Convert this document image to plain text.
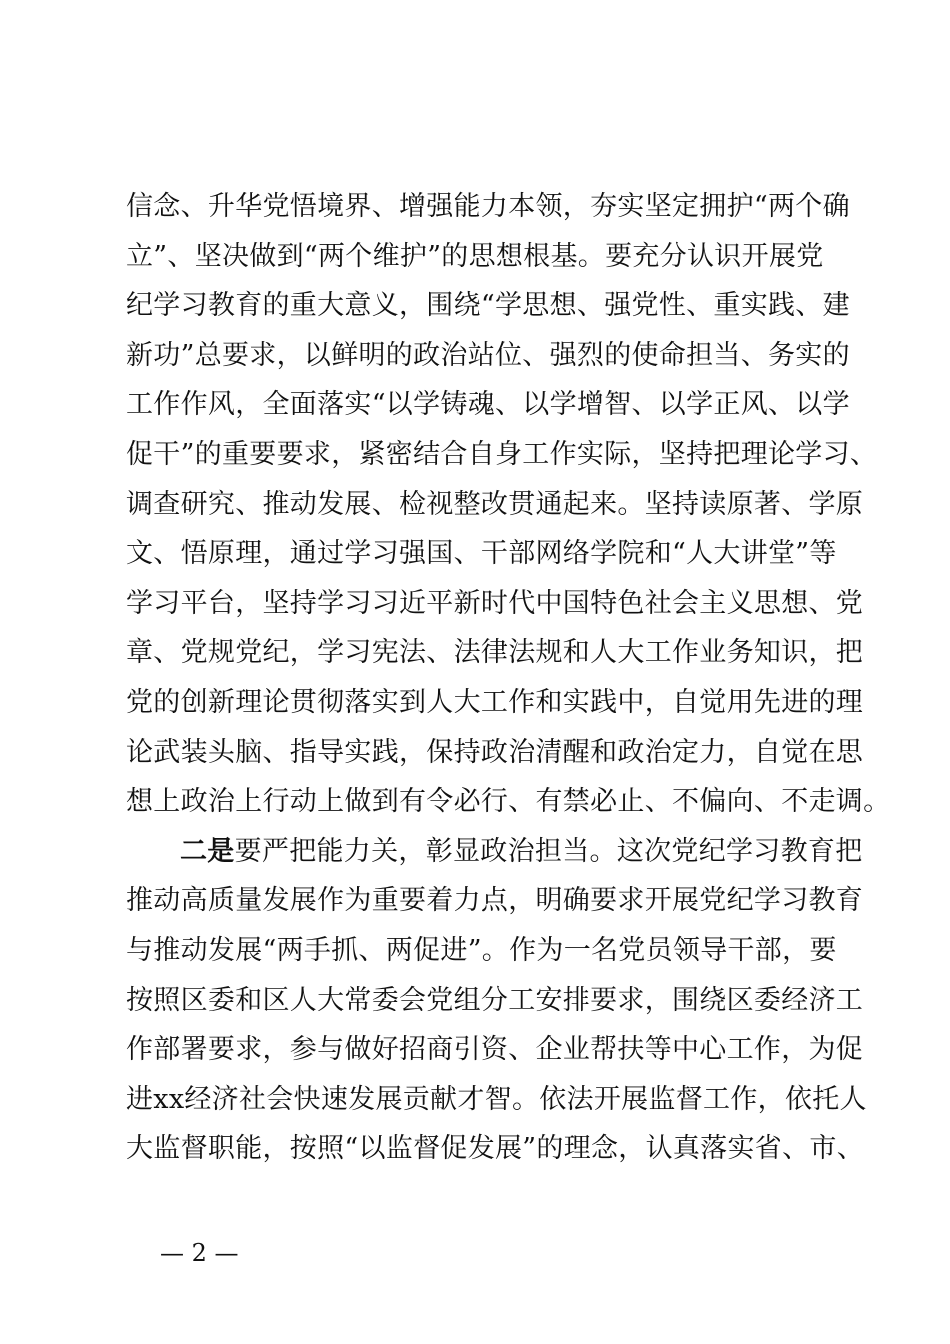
信念、升华党悟境界、增强能力本领，夯实坚定拥护“两个确
立”、坚决做到“两个维护”的思想根基。要充分认识开展党
纪学习教育的重大意义，围绕“学思想、强党性、重实践、建
新功”总要求，以鲜明的政治站位、强烈的使命担当、务实的
工作作风，全面落实“以学铸魂、以学增智、以学正风、以学
促干”的重要要求，紧密结合自身工作实际，坚持把理论学习、
调查研究、推动发展、检视整改贯通起来。坚持读原著、学原
文、悟原理，通过学习强国、干部网络学院和“人大讲堂”等
学习平台，坚持学习习近平新时代中国特色社会主义思想、党
章、党规党纪，学习宪法、法律法规和人大工作业务知识，把
党的创新理论贯彻落实到人大工作和实践中，自觉用先进的理
论武装头脑、指导实践，保持政治清醒和政治定力，自觉在思
想上政治上行动上做到有令必行、有禁必止、不偏向、不走调。
二是要严把能力关，彰显政治担当。这次党纪学习教育把
推动高质量发展作为重要着力点，明确要求开展党纪学习教育
与推动发展“两手抓、两促进”。作为一名党员领导干部，要
按照区委和区人大常委会党组分工安排要求，围绕区委经济工
作部署要求，参与做好招商引资、企业帮扶等中心工作，为促
进xx经济社会快速发展贡献才智。依法开展监督工作，依托人
大监督职能，按照“以监督促发展”的理念，认真落实省、市、
— 2 —
